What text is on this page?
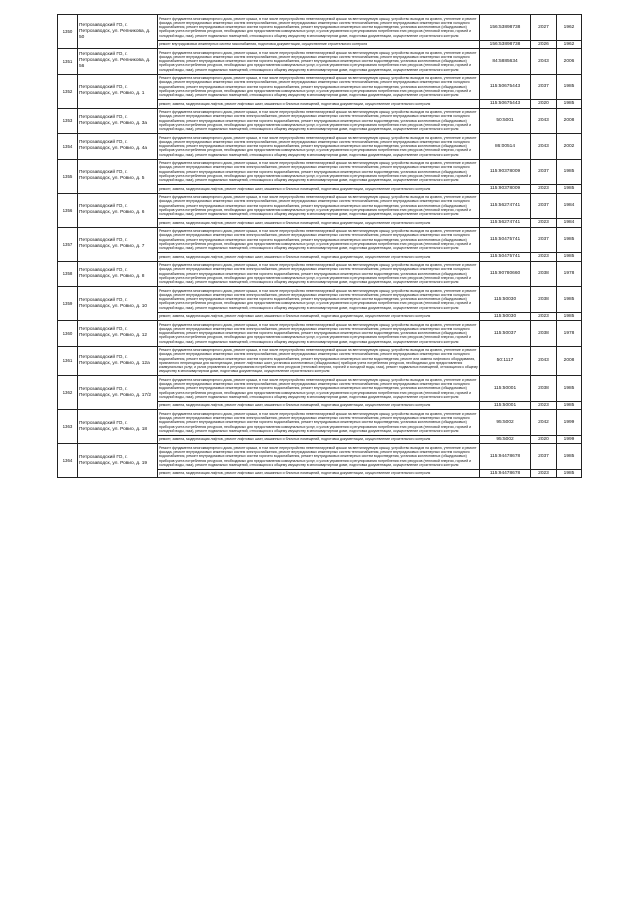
1350	Петрозаводский ГО, г. Петрозаводск, ул. Репникова, д. 50	Ремонт фундамента многоквартирного дома, ремонт крыши, в том числе переустройство невентилируемой крыши на вентилируемую крышу, устройство выходов на кровлю, утепление и ремонт фасада, ремонт внутридомовых инженерных систем электроснабжения, ремонт внутридомовых инженерных систем теплоснабжения, ремонт внутридомовых инженерных систем холодного водоснабжения, ремонт внутридомовых инженерных систем горячего водоснабжения, ремонт внутридомовых инженерных систем водоотведения, установка коллективных (общедомовых) приборов учета потребления ресурсов, необходимых для предоставления коммунальных услуг, и узлов управления и регулирования потребления этих ресурсов (тепловой энергии, горячей и холодной воды, газа), ремонт подвальных помещений, относящихся к общему имуществу в многоквартирном доме, подготовка документации, осуществление строительного контроля	156:53898738	2027	1962
		ремонт внутридомовых инженерных систем газоснабжения, подготовка документации, осуществление строительного контроля	156:53898738	2026	1962
1351	Петрозаводский ГО, г. Петрозаводск, ул. Репникова, д. 56	Ремонт фундамента многоквартирного дома, ремонт крыши, в том числе переустройство невентилируемой крыши на вентилируемую крышу, устройство выходов на кровлю, утепление и ремонт фасада, ремонт внутридомовых инженерных систем электроснабжения, ремонт внутридомовых инженерных систем теплоснабжения, ремонт внутридомовых инженерных систем холодного водоснабжения, ремонт внутридомовых инженерных систем горячего водоснабжения, ремонт внутридомовых инженерных систем водоотведения, установка коллективных (общедомовых) приборов учета потребления ресурсов, необходимых для предоставления коммунальных услуг, и узлов управления и регулирования потребления этих ресурсов (тепловой энергии, горячей и холодной воды, газа), ремонт подвальных помещений, относящихся к общему имуществу в многоквартирном доме, подготовка документации, осуществление строительного контроля	84:5885634	2043	2006
1352	Петрозаводский ГО, г. Петрозаводск, ул. Ровио, д. 1	Ремонт фундамента многоквартирного дома, ремонт крыши, в том числе переустройство невентилируемой крыши на вентилируемую крышу, устройство выходов на кровлю, утепление и ремонт фасада, ремонт внутридомовых инженерных систем электроснабжения, ремонт внутридомовых инженерных систем теплоснабжения, ремонт внутридомовых инженерных систем холодного водоснабжения, ремонт внутридомовых инженерных систем горячего водоснабжения, ремонт внутридомовых инженерных систем водоотведения, установка коллективных (общедомовых) приборов учета потребления ресурсов, необходимых для предоставления коммунальных услуг, и узлов управления и регулирования потребления этих ресурсов (тепловой энергии, горячей и холодной воды, газа), ремонт подвальных помещений, относящихся к общему имуществу в многоквартирном доме, подготовка документации, осуществление строительного контроля	115:50675443	2037	1985
		ремонт, замена, модернизация лифтов, ремонт лифтовых шахт, машинных и блочных помещений, подготовка документации, осуществление строительного контроля	115:50675443	2020	1985
1353	Петрозаводский ГО, г. Петрозаводск, ул. Ровио, д. 3а	Ремонт фундамента многоквартирного дома, ремонт крыши, в том числе переустройство невентилируемой крыши на вентилируемую крышу, устройство выходов на кровлю, утепление и ремонт фасада, ремонт внутридомовых инженерных систем электроснабжения, ремонт внутридомовых инженерных систем теплоснабжения, ремонт внутридомовых инженерных систем холодного водоснабжения, ремонт внутридомовых инженерных систем горячего водоснабжения, ремонт внутридомовых инженерных систем водоотведения, установка коллективных (общедомовых) приборов учета потребления ресурсов, необходимых для предоставления коммунальных услуг, и узлов управления и регулирования потребления этих ресурсов (тепловой энергии, горячей и холодной воды, газа), ремонт подвальных помещений, относящихся к общему имуществу в многоквартирном доме, подготовка документации, осуществление строительного контроля	50:5001	2043	2008
1354	Петрозаводский ГО, г. Петрозаводск, ул. Ровио, д. 4а	Ремонт фундамента многоквартирного дома, ремонт крыши, в том числе переустройство невентилируемой крыши на вентилируемую крышу, устройство выходов на кровлю, утепление и ремонт фасада, ремонт внутридомовых инженерных систем электроснабжения, ремонт внутридомовых инженерных систем теплоснабжения, ремонт внутридомовых инженерных систем холодного водоснабжения, ремонт внутридомовых инженерных систем горячего водоснабжения, ремонт внутридомовых инженерных систем водоотведения, установка коллективных (общедомовых) приборов учета потребления ресурсов, необходимых для предоставления коммунальных услуг, и узлов управления и регулирования потребления этих ресурсов (тепловой энергии, горячей и холодной воды, газа), ремонт подвальных помещений, относящихся к общему имуществу в многоквартирном доме, подготовка документации, осуществление строительного контроля	86:00514	2043	2002
1355	Петрозаводский ГО, г. Петрозаводск, ул. Ровио, д. 5	Ремонт фундамента многоквартирного дома, ремонт крыши, в том числе переустройство невентилируемой крыши на вентилируемую крышу, устройство выходов на кровлю, утепление и ремонт фасада, ремонт внутридомовых инженерных систем электроснабжения, ремонт внутридомовых инженерных систем теплоснабжения, ремонт внутридомовых инженерных систем холодного водоснабжения, ремонт внутридомовых инженерных систем горячего водоснабжения, ремонт внутридомовых инженерных систем водоотведения, установка коллективных (общедомовых) приборов учета потребления ресурсов, необходимых для предоставления коммунальных услуг, и узлов управления и регулирования потребления этих ресурсов (тепловой энергии, горячей и холодной воды, газа), ремонт подвальных помещений, относящихся к общему имуществу в многоквартирном доме, подготовка документации, осуществление строительного контроля	115:90378009	2037	1985
		ремонт, замена, модернизация лифтов, ремонт лифтовых шахт, машинных и блочных помещений, подготовка документации, осуществление строительного контроля	115:90378009	2023	1985
1356	Петрозаводский ГО, г. Петрозаводск, ул. Ровио, д. 6	Ремонт фундамента многоквартирного дома, ремонт крыши, в том числе переустройство невентилируемой крыши на вентилируемую крышу, устройство выходов на кровлю, утепление и ремонт фасада, ремонт внутридомовых инженерных систем электроснабжения, ремонт внутридомовых инженерных систем теплоснабжения, ремонт внутридомовых инженерных систем холодного водоснабжения, ремонт внутридомовых инженерных систем горячего водоснабжения, ремонт внутридомовых инженерных систем водоотведения, установка коллективных (общедомовых) приборов учета потребления ресурсов, необходимых для предоставления коммунальных услуг, и узлов управления и регулирования потребления этих ресурсов (тепловой энергии, горячей и холодной воды, газа), ремонт подвальных помещений, относящихся к общему имуществу в многоквартирном доме, подготовка документации, осуществление строительного контроля	115:56274741	2037	1984
		ремонт, замена, модернизация лифтов, ремонт лифтовых шахт, машинных и блочных помещений, подготовка документации, осуществление строительного контроля	115:56274741	2023	1984
1357	Петрозаводский ГО, г. Петрозаводск, ул. Ровио, д. 7	Ремонт фундамента многоквартирного дома, ремонт крыши, в том числе переустройство невентилируемой крыши на вентилируемую крышу, устройство выходов на кровлю, утепление и ремонт фасада, ремонт внутридомовых инженерных систем электроснабжения, ремонт внутридомовых инженерных систем теплоснабжения, ремонт внутридомовых инженерных систем холодного водоснабжения, ремонт внутридомовых инженерных систем горячего водоснабжения, ремонт внутридомовых инженерных систем водоотведения, установка коллективных (общедомовых) приборов учета потребления ресурсов, необходимых для предоставления коммунальных услуг, и узлов управления и регулирования потребления этих ресурсов (тепловой энергии, горячей и холодной воды, газа), ремонт подвальных помещений, относящихся к общему имуществу в многоквартирном доме, подготовка документации, осуществление строительного контроля	115:50475741	2037	1985
		ремонт, замена, модернизация лифтов, ремонт лифтовых шахт, машинных и блочных помещений, подготовка документации, осуществление строительного контроля	115:50475741	2023	1985
1358	Петрозаводский ГО, г. Петрозаводск, ул. Ровио, д. 8	Ремонт фундамента многоквартирного дома, ремонт крыши, в том числе переустройство невентилируемой крыши на вентилируемую крышу, устройство выходов на кровлю, утепление и ремонт фасада, ремонт внутридомовых инженерных систем электроснабжения, ремонт внутридомовых инженерных систем теплоснабжения, ремонт внутридомовых инженерных систем холодного водоснабжения, ремонт внутридомовых инженерных систем горячего водоснабжения, ремонт внутридомовых инженерных систем водоотведения, установка коллективных (общедомовых) приборов учета потребления ресурсов, необходимых для предоставления коммунальных услуг, и узлов управления и регулирования потребления этих ресурсов (тепловой энергии, горячей и холодной воды, газа), ремонт подвальных помещений, относящихся к общему имуществу в многоквартирном доме, подготовка документации, осуществление строительного контроля	115:90780660	2038	1978
1359	Петрозаводский ГО, г. Петрозаводск, ул. Ровио, д. 10	Ремонт фундамента многоквартирного дома, ремонт крыши, в том числе переустройство невентилируемой крыши на вентилируемую крышу, устройство выходов на кровлю, утепление и ремонт фасада, ремонт внутридомовых инженерных систем электроснабжения, ремонт внутридомовых инженерных систем теплоснабжения, ремонт внутридомовых инженерных систем холодного водоснабжения, ремонт внутридомовых инженерных систем горячего водоснабжения, ремонт внутридомовых инженерных систем водоотведения, установка коллективных (общедомовых) приборов учета потребления ресурсов, необходимых для предоставления коммунальных услуг, и узлов управления и регулирования потребления этих ресурсов (тепловой энергии, горячей и холодной воды, газа), ремонт подвальных помещений, относящихся к общему имуществу в многоквартирном доме, подготовка документации, осуществление строительного контроля	115:50030	2038	1985
		ремонт, замена, модернизация лифтов, ремонт лифтовых шахт, машинных и блочных помещений, подготовка документации, осуществление строительного контроля	115:50030	2023	1985
1360	Петрозаводский ГО, г. Петрозаводск, ул. Ровио, д. 12	Ремонт фундамента многоквартирного дома, ремонт крыши, в том числе переустройство невентилируемой крыши на вентилируемую крышу, устройство выходов на кровлю, утепление и ремонт фасада, ремонт внутридомовых инженерных систем электроснабжения, ремонт внутридомовых инженерных систем теплоснабжения, ремонт внутридомовых инженерных систем холодного водоснабжения, ремонт внутридомовых инженерных систем горячего водоснабжения, ремонт внутридомовых инженерных систем водоотведения, установка коллективных (общедомовых) приборов учета потребления ресурсов, необходимых для предоставления коммунальных услуг, и узлов управления и регулирования потребления этих ресурсов (тепловой энергии, горячей и холодной воды, газа), ремонт подвальных помещений, относящихся к общему имуществу в многоквартирном доме, подготовка документации, осуществление строительного контроля	115:50037	2038	1978
1361	Петрозаводский ГО, г. Петрозаводск, ул. Ровио, д. 12а	Ремонт фундамента многоквартирного дома, ремонт крыши, в том числе переустройство невентилируемой крыши на вентилируемую крышу, устройство выходов на кровлю, утепление и ремонт фасада, ремонт внутридомовых инженерных систем электроснабжения, ремонт внутридомовых инженерных систем теплоснабжения, ремонт внутридомовых инженерных систем холодного водоснабжения, ремонт внутридомовых инженерных систем горячего водоснабжения, ремонт внутридомовых инженерных систем водоотведения, ремонт или замена лифтового оборудования, признанного непригодным для эксплуатации, ремонт лифтовых шахт, установка коллективных (общедомовых) приборов учета потребления ресурсов, необходимых для предоставления коммунальных услуг, и узлов управления и регулирования потребления этих ресурсов (тепловой энергии, горячей и холодной воды, газа), ремонт подвальных помещений, относящихся к общему имуществу в многоквартирном доме, подготовка документации, осуществление строительного контроля	50:1117	2043	2008
1362	Петрозаводский ГО, г. Петрозаводск, ул. Ровио, д. 17/2	Ремонт фундамента многоквартирного дома, ремонт крыши, в том числе переустройство невентилируемой крыши на вентилируемую крышу, устройство выходов на кровлю, утепление и ремонт фасада, ремонт внутридомовых инженерных систем электроснабжения, ремонт внутридомовых инженерных систем теплоснабжения, ремонт внутридомовых инженерных систем холодного водоснабжения, ремонт внутридомовых инженерных систем горячего водоснабжения, ремонт внутридомовых инженерных систем водоотведения, установка коллективных (общедомовых) приборов учета потребления ресурсов, необходимых для предоставления коммунальных услуг, и узлов управления и регулирования потребления этих ресурсов (тепловой энергии, горячей и холодной воды, газа), ремонт подвальных помещений, относящихся к общему имуществу в многоквартирном доме, подготовка документации, осуществление строительного контроля	115:50001	2038	1985
		ремонт, замена, модернизация лифтов, ремонт лифтовых шахт, машинных и блочных помещений, подготовка документации, осуществление строительного контроля	115:50001	2023	1985
1363	Петрозаводский ГО, г. Петрозаводск, ул. Ровио, д. 18	Ремонт фундамента многоквартирного дома, ремонт крыши, в том числе переустройство невентилируемой крыши на вентилируемую крышу, устройство выходов на кровлю, утепление и ремонт фасада, ремонт внутридомовых инженерных систем электроснабжения, ремонт внутридомовых инженерных систем теплоснабжения, ремонт внутридомовых инженерных систем холодного водоснабжения, ремонт внутридомовых инженерных систем горячего водоснабжения, ремонт внутридомовых инженерных систем водоотведения, установка коллективных (общедомовых) приборов учета потребления ресурсов, необходимых для предоставления коммунальных услуг, и узлов управления и регулирования потребления этих ресурсов (тепловой энергии, горячей и холодной воды, газа), ремонт подвальных помещений, относящихся к общему имуществу в многоквартирном доме, подготовка документации, осуществление строительного контроля	95:5002	2042	1999
		ремонт, замена, модернизация лифтов, ремонт лифтовых шахт, машинных и блочных помещений, подготовка документации, осуществление строительного контроля	95:5002	2020	1999
1364	Петрозаводский ГО, г. Петрозаводск, ул. Ровио, д. 19	Ремонт фундамента многоквартирного дома, ремонт крыши, в том числе переустройство невентилируемой крыши на вентилируемую крышу, устройство выходов на кровлю, утепление и ремонт фасада, ремонт внутридомовых инженерных систем электроснабжения, ремонт внутридомовых инженерных систем теплоснабжения, ремонт внутридомовых инженерных систем холодного водоснабжения, ремонт внутридомовых инженерных систем горячего водоснабжения, ремонт внутридомовых инженерных систем водоотведения, установка коллективных (общедомовых) приборов учета потребления ресурсов, необходимых для предоставления коммунальных услуг, и узлов управления и регулирования потребления этих ресурсов (тепловой энергии, горячей и холодной воды, газа), ремонт подвальных помещений, относящихся к общему имуществу в многоквартирном доме, подготовка документации, осуществление строительного контроля	115:94478678	2037	1985
		ремонт, замена, модернизация лифтов, ремонт лифтовых шахт, машинных и блочных помещений, подготовка документации, осуществление строительного контроля	115:94478678	2023	1985
